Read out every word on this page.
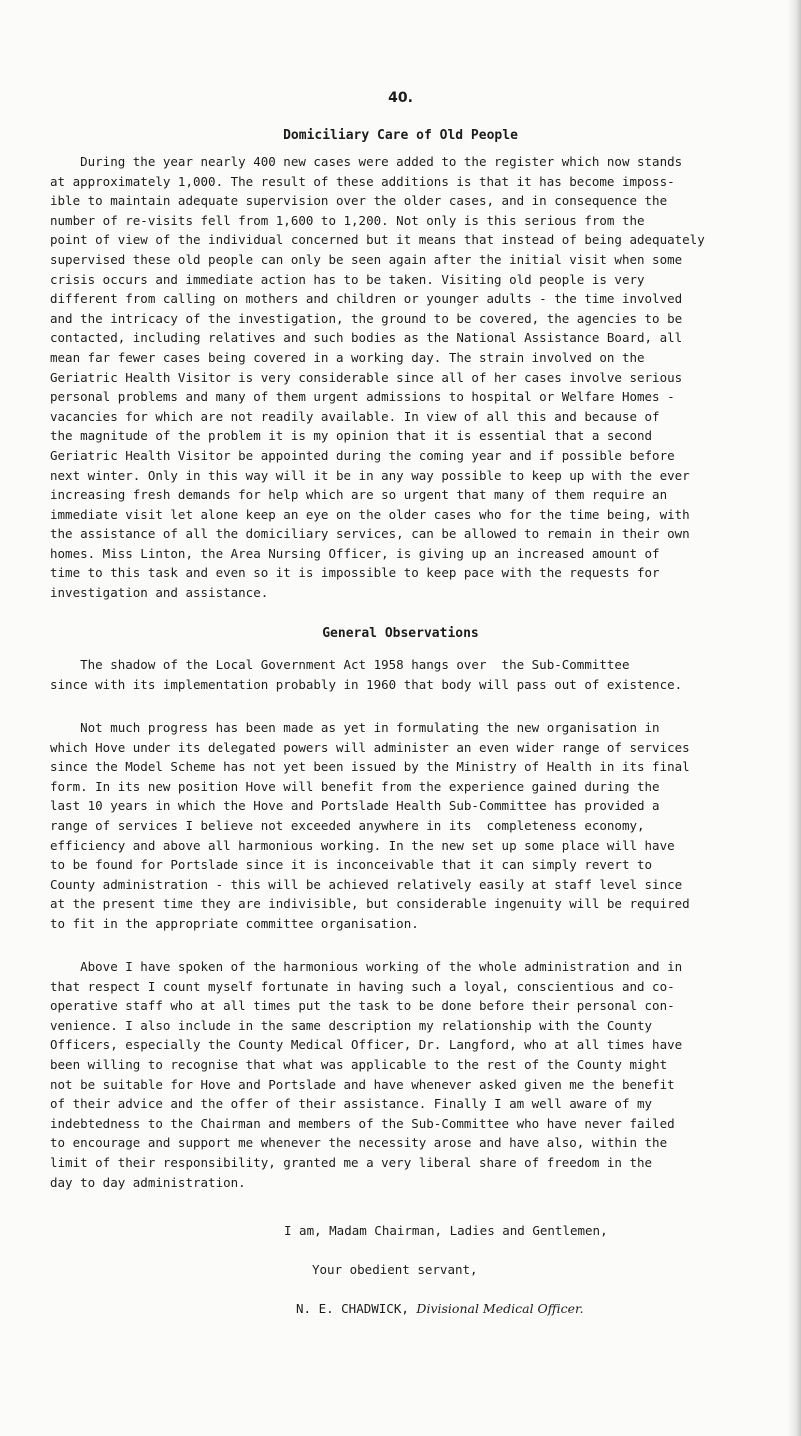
40.
Domiciliary Care of Old People
During the year nearly 400 new cases were added to the register which now stands
at approximately 1,000. The result of these additions is that it has become imposs-
ible to maintain adequate supervision over the older cases, and in consequence the
number of re-visits fell from 1,600 to 1,200. Not only is this serious from the
point of view of the individual concerned but it means that instead of being adequately
supervised these old people can only be seen again after the initial visit when some
crisis occurs and immediate action has to be taken. Visiting old people is very
different from calling on mothers and children or younger adults - the time involved
and the intricacy of the investigation, the ground to be covered, the agencies to be
contacted, including relatives and such bodies as the National Assistance Board, all
mean far fewer cases being covered in a working day. The strain involved on the
Geriatric Health Visitor is very considerable since all of her cases involve serious
personal problems and many of them urgent admissions to hospital or Welfare Homes -
vacancies for which are not readily available. In view of all this and because of
the magnitude of the problem it is my opinion that it is essential that a second
Geriatric Health Visitor be appointed during the coming year and if possible before
next winter. Only in this way will it be in any way possible to keep up with the ever
increasing fresh demands for help which are so urgent that many of them require an
immediate visit let alone keep an eye on the older cases who for the time being, with
the assistance of all the domiciliary services, can be allowed to remain in their own
homes. Miss Linton, the Area Nursing Officer, is giving up an increased amount of
time to this task and even so it is impossible to keep pace with the requests for
investigation and assistance.
General Observations
The shadow of the Local Government Act 1958 hangs over  the Sub-Committee
since with its implementation probably in 1960 that body will pass out of existence.
Not much progress has been made as yet in formulating the new organisation in
which Hove under its delegated powers will administer an even wider range of services
since the Model Scheme has not yet been issued by the Ministry of Health in its final
form. In its new position Hove will benefit from the experience gained during the
last 10 years in which the Hove and Portslade Health Sub-Committee has provided a
range of services I believe not exceeded anywhere in its  completeness economy,
efficiency and above all harmonious working. In the new set up some place will have
to be found for Portslade since it is inconceivable that it can simply revert to
County administration - this will be achieved relatively easily at staff level since
at the present time they are indivisible, but considerable ingenuity will be required
to fit in the appropriate committee organisation.
Above I have spoken of the harmonious working of the whole administration and in
that respect I count myself fortunate in having such a loyal, conscientious and co-
operative staff who at all times put the task to be done before their personal con-
venience. I also include in the same description my relationship with the County
Officers, especially the County Medical Officer, Dr. Langford, who at all times have
been willing to recognise that what was applicable to the rest of the County might
not be suitable for Hove and Portslade and have whenever asked given me the benefit
of their advice and the offer of their assistance. Finally I am well aware of my
indebtedness to the Chairman and members of the Sub-Committee who have never failed
to encourage and support me whenever the necessity arose and have also, within the
limit of their responsibility, granted me a very liberal share of freedom in the
day to day administration.
I am, Madam Chairman, Ladies and Gentlemen,
Your obedient servant,
N. E. CHADWICK, Divisional Medical Officer.
